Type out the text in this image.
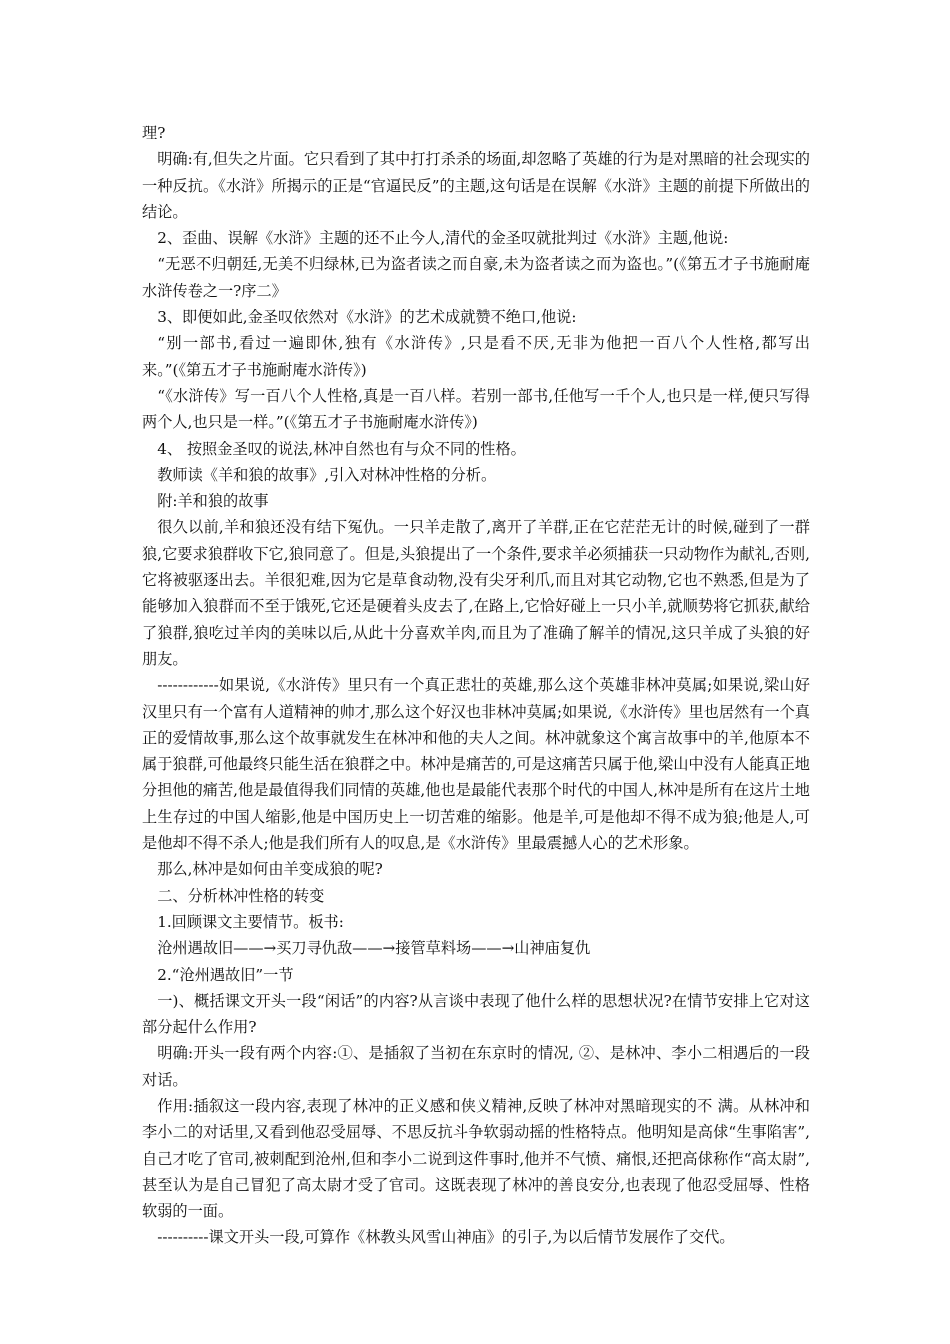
理?

明确:有,但失之片面。它只看到了其中打打杀杀的场面,却忽略了英雄的行为是对黑暗的社会现实的一种反抗。《水浒》所揭示的正是“官逼民反”的主题,这句话是在误解《水浒》主题的前提下所做出的结论。

2、歪曲、误解《水浒》主题的还不止今人,清代的金圣叹就批判过《水浒》主题,他说:

“无恶不归朝廷,无美不归绿林,已为盗者读之而自豪,未为盗者读之而为盗也。”(《第五才子书施耐庵水浒传卷之一?序二》

3、即便如此,金圣叹依然对《水浒》的艺术成就赞不绝口,他说:

“别一部书,看过一遍即休,独有《水浒传》,只是看不厌,无非为他把一百八个人性格,都写出来。”(《第五才子书施耐庵水浒传》)

“《水浒传》写一百八个人性格,真是一百八样。若别一部书,任他写一千个人,也只是一样,便只写得两个人,也只是一样。”(《第五才子书施耐庵水浒传》)

4、 按照金圣叹的说法,林冲自然也有与众不同的性格。

教师读《羊和狼的故事》,引入对林冲性格的分析。

附:羊和狼的故事

很久以前,羊和狼还没有结下冤仇。一只羊走散了,离开了羊群,正在它茫茫无计的时候,碰到了一群狼,它要求狼群收下它,狼同意了。但是,头狼提出了一个条件,要求羊必须捕获一只动物作为献礼,否则,它将被驱逐出去。羊很犯难,因为它是草食动物,没有尖牙利爪,而且对其它动物,它也不熟悉,但是为了能够加入狼群而不至于饿死,它还是硬着头皮去了,在路上,它恰好碰上一只小羊,就顺势将它抓获,献给了狼群,狼吃过羊肉的美味以后,从此十分喜欢羊肉,而且为了准确了解羊的情况,这只羊成了头狼的好朋友。

------------如果说,《水浒传》里只有一个真正悲壮的英雄,那么这个英雄非林冲莫属;如果说,梁山好汉里只有一个富有人道精神的帅才,那么这个好汉也非林冲莫属;如果说,《水浒传》里也居然有一个真正的爱情故事,那么这个故事就发生在林冲和他的夫人之间。林冲就象这个寓言故事中的羊,他原本不属于狼群,可他最终只能生活在狼群之中。林冲是痛苦的,可是这痛苦只属于他,梁山中没有人能真正地分担他的痛苦,他是最值得我们同情的英雄,他也是最能代表那个时代的中国人,林冲是所有在这片土地上生存过的中国人缩影,他是中国历史上一切苦难的缩影。他是羊,可是他却不得不成为狼;他是人,可是他却不得不杀人;他是我们所有人的叹息,是《水浒传》里最震撼人心的艺术形象。

那么,林冲是如何由羊变成狼的呢?

二、分析林冲性格的转变

1.回顾课文主要情节。板书:

沧州遇故旧——→买刀寻仇敌——→接管草料场——→山神庙复仇

2.“沧州遇故旧”一节

一)、概括课文开头一段“闲话”的内容?从言谈中表现了他什么样的思想状况?在情节安排上它对这部分起什么作用?

明确:开头一段有两个内容:①、是插叙了当初在东京时的情况, ②、是林冲、李小二相遇后的一段对话。

作用:插叙这一段内容,表现了林冲的正义感和侠义精神,反映了林冲对黑暗现实的不 满。从林冲和李小二的对话里,又看到他忍受屈辱、不思反抗斗争软弱动摇的性格特点。他明知是高俅“生事陷害”,自己才吃了官司,被刺配到沧州,但和李小二说到这件事时,他并不气愤、痛恨,还把高俅称作“高太尉”,甚至认为是自己冒犯了高太尉才受了官司。这既表现了林冲的善良安分,也表现了他忍受屈辱、性格软弱的一面。

----------课文开头一段,可算作《林教头风雪山神庙》的引子,为以后情节发展作了交代。
